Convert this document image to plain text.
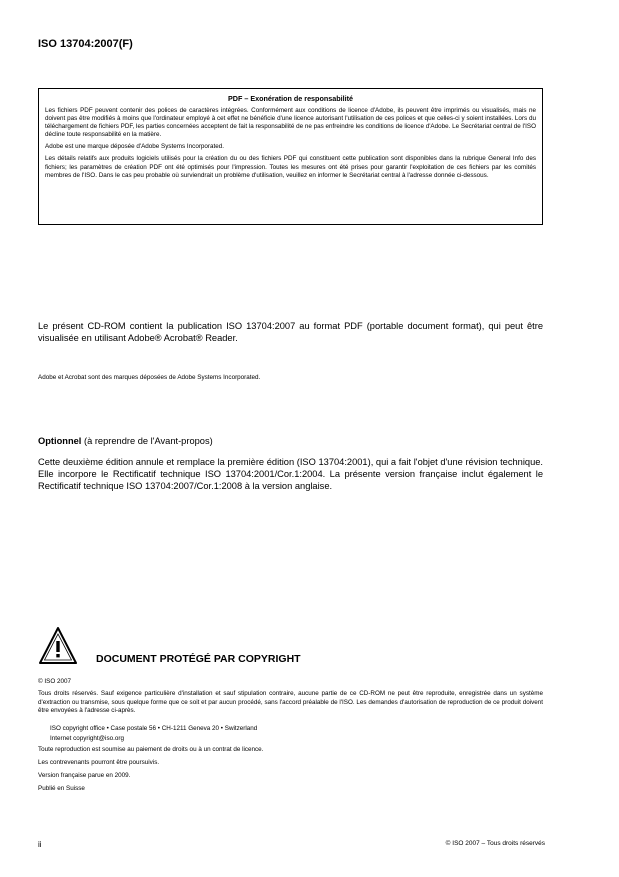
ISO 13704:2007(F)
PDF – Exonération de responsabilité

Les fichiers PDF peuvent contenir des polices de caractères intégrées. Conformément aux conditions de licence d'Adobe, ils peuvent être imprimés ou visualisés, mais ne doivent pas être modifiés à moins que l'ordinateur employé à cet effet ne bénéficie d'une licence autorisant l'utilisation de ces polices et que celles-ci y soient installées. Lors du téléchargement de fichiers PDF, les parties concernées acceptent de fait la responsabilité de ne pas enfreindre les conditions de licence d'Adobe. Le Secrétariat central de l'ISO décline toute responsabilité en la matière.

Adobe est une marque déposée d'Adobe Systems Incorporated.

Les détails relatifs aux produits logiciels utilisés pour la création du ou des fichiers PDF qui constituent cette publication sont disponibles dans la rubrique General Info des fichiers; les paramètres de création PDF ont été optimisés pour l'impression. Toutes les mesures ont été prises pour garantir l'exploitation de ces fichiers par les comités membres de l'ISO. Dans le cas peu probable où surviendrait un problème d'utilisation, veuillez en informer le Secrétariat central à l'adresse donnée ci-dessous.

Le présent CD-ROM contient la publication ISO 13704:2007 au format PDF (portable document format), qui peut être visualisée en utilisant Adobe® Acrobat® Reader.
Adobe et Acrobat sont des marques déposées de Adobe Systems Incorporated.
Optionnel (à reprendre de l'Avant-propos)
Cette deuxième édition annule et remplace la première édition (ISO 13704:2001), qui a fait l'objet d'une révision technique. Elle incorpore le Rectificatif technique ISO 13704:2001/Cor.1:2004. La présente version française inclut également le Rectificatif technique ISO 13704:2007/Cor.1:2008 à la version anglaise.
DOCUMENT PROTÉGÉ PAR COPYRIGHT
© ISO 2007
Tous droits réservés. Sauf exigence particulière d'installation et sauf stipulation contraire, aucune partie de ce CD-ROM ne peut être reproduite, enregistrée dans un système d'extraction ou transmise, sous quelque forme que ce soit et par aucun procédé, sans l'accord préalable de l'ISO. Les demandes d'autorisation de reproduction de ce produit doivent être envoyées à l'adresse ci-après.
ISO copyright office • Case postale 56 • CH-1211 Geneva 20 • Switzerland
Internet copyright@iso.org
Toute reproduction est soumise au paiement de droits ou à un contrat de licence.
Les contrevenants pourront être poursuivis.
Version française parue en 2009.
Publié en Suisse
ii	© ISO 2007 – Tous droits réservés
